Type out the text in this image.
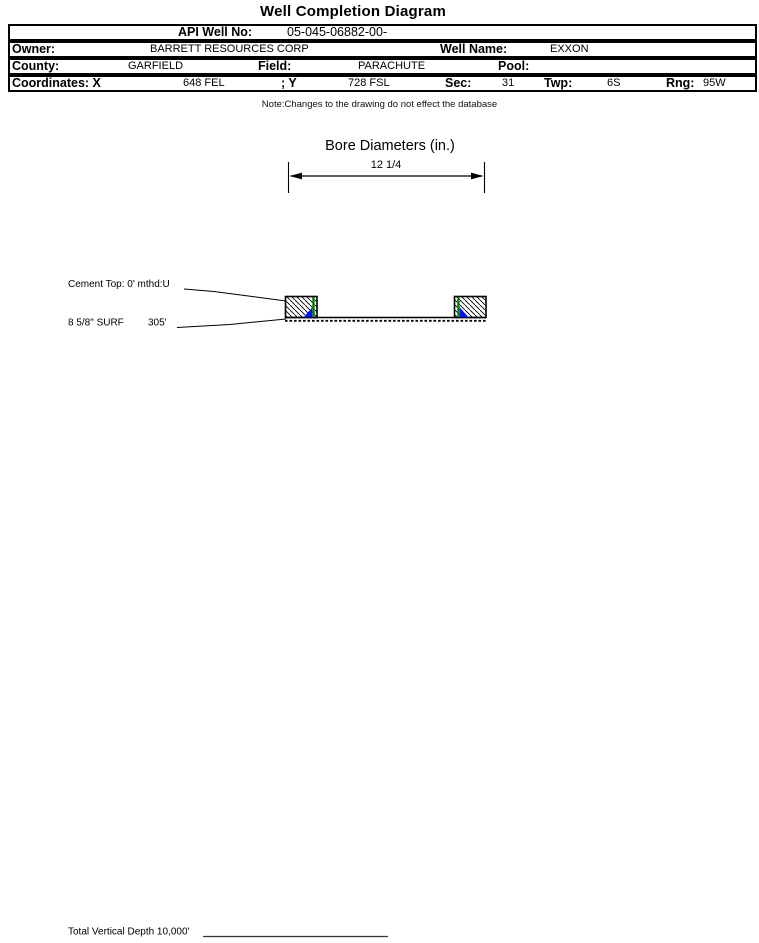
Well Completion Diagram
API Well No:	05-045-06882-00-
Owner:	BARRETT RESOURCES CORP	Well Name:	EXXON
County:	GARFIELD	Field:	PARACHUTE	Pool:
Coordinates: X	648 FEL	; Y	728 FSL	Sec:	31 Twp:	6S	Rng: 95W
Note:Changes to the drawing do not effect the database
Bore Diameters (in.)
12 1/4
Cement Top: 0' mthd:U
8 5/8" SURF 305'
Total Vertical Depth 10,000'
